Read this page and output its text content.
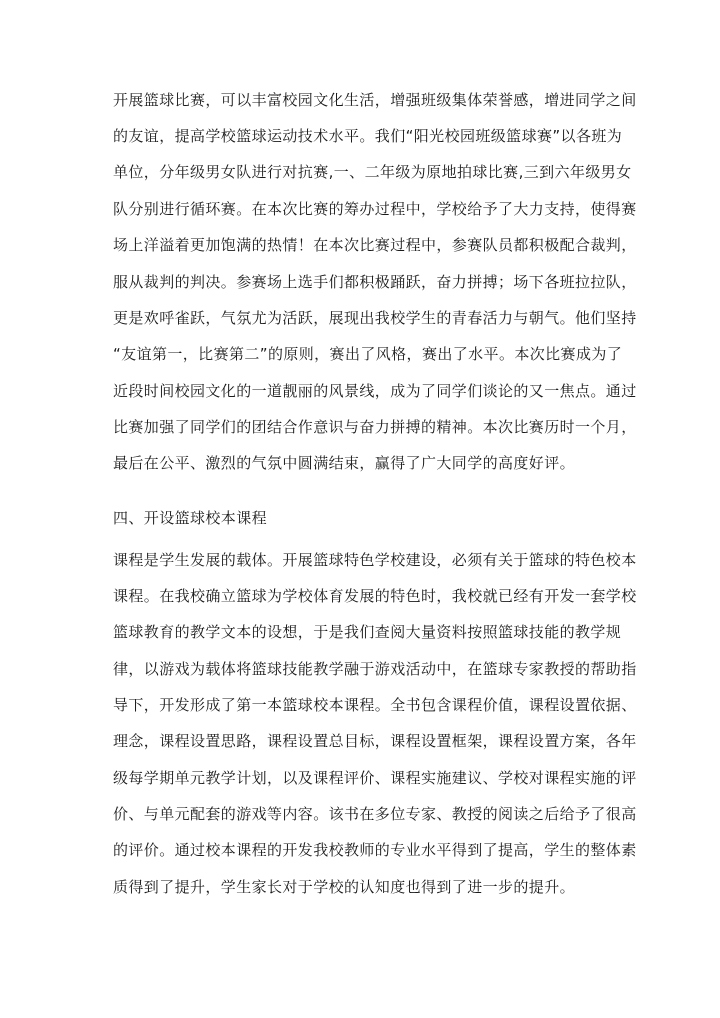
开展篮球比赛，可以丰富校园文化生活，增强班级集体荣誉感，增进同学之间
的友谊，提高学校篮球运动技术水平。我们“阳光校园班级篮球赛”以各班为
单位，分年级男女队进行对抗赛,一、二年级为原地拍球比赛,三到六年级男女
队分别进行循环赛。在本次比赛的筹办过程中，学校给予了大力支持，使得赛
场上洋溢着更加饱满的热情！在本次比赛过程中，参赛队员都积极配合裁判，
服从裁判的判决。参赛场上选手们都积极踊跃，奋力拼搏；场下各班拉拉队，
更是欢呼雀跃，气氛尤为活跃，展现出我校学生的青春活力与朝气。他们坚持
“友谊第一，比赛第二”的原则，赛出了风格，赛出了水平。本次比赛成为了
近段时间校园文化的一道靓丽的风景线，成为了同学们谈论的又一焦点。通过
比赛加强了同学们的团结合作意识与奋力拼搏的精神。本次比赛历时一个月，
最后在公平、激烈的气氛中圆满结束，赢得了广大同学的高度好评。
四、开设篮球校本课程
课程是学生发展的载体。开展篮球特色学校建设，必须有关于篮球的特色校本
课程。在我校确立篮球为学校体育发展的特色时，我校就已经有开发一套学校
篮球教育的教学文本的设想，于是我们查阅大量资料按照篮球技能的教学规
律，以游戏为载体将篮球技能教学融于游戏活动中，在篮球专家教授的帮助指
导下，开发形成了第一本篮球校本课程。全书包含课程价值，课程设置依据、
理念，课程设置思路，课程设置总目标，课程设置框架，课程设置方案，各年
级每学期单元教学计划，以及课程评价、课程实施建议、学校对课程实施的评
价、与单元配套的游戏等内容。该书在多位专家、教授的阅读之后给予了很高
的评价。通过校本课程的开发我校教师的专业水平得到了提高，学生的整体素
质得到了提升，学生家长对于学校的认知度也得到了进一步的提升。
